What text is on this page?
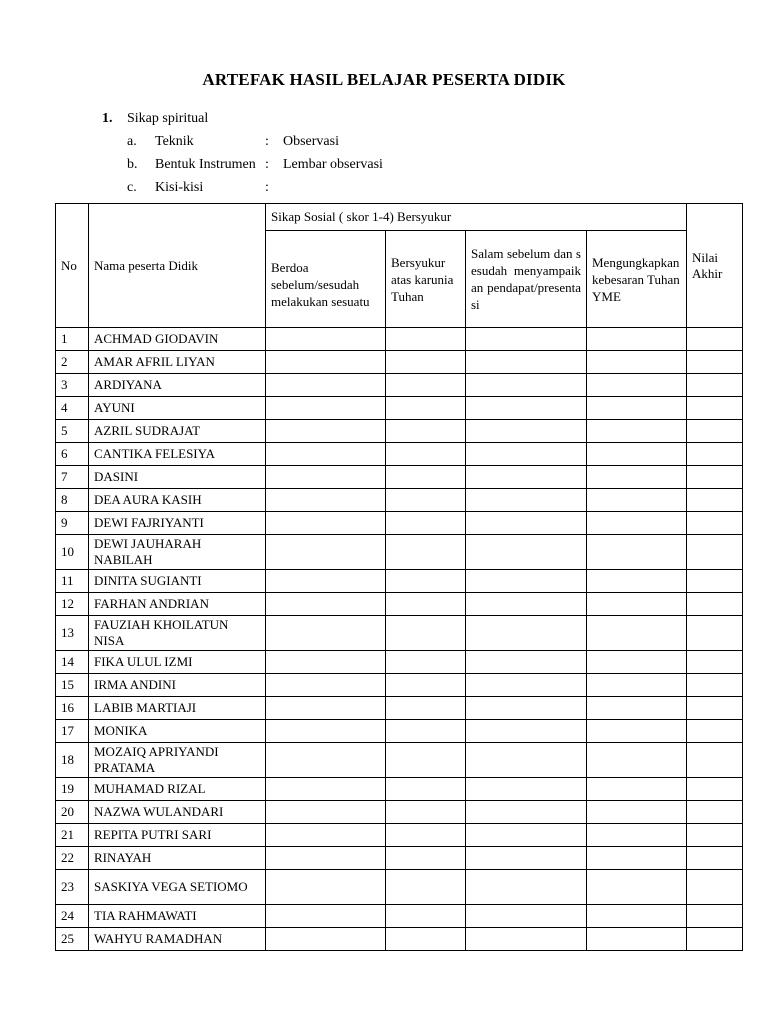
ARTEFAK HASIL BELAJAR PESERTA DIDIK
1. Sikap spiritual
a. Teknik	: Observasi
b. Bentuk Instrumen : Lembar observasi
c. Kisi-kisi	:
No	Nama peserta Didik	Sikap Sosial ( skor 1-4) Bersyukur				Nilai Akhir
		Berdoa sebelum/sesudah melakukan sesuatu	Bersyukur atas karunia Tuhan	Salam sebelum dan sesudah menyampaikan pendapat/presentasi	Mengungkapkan kebesaran Tuhan YME	
1	ACHMAD GIODAVIN					
2	AMAR AFRIL LIYAN					
3	ARDIYANA					
4	AYUNI					
5	AZRIL SUDRAJAT					
6	CANTIKA FELESIYA					
7	DASINI					
8	DEA AURA KASIH					
9	DEWI FAJRIYANTI					
10	DEWI JAUHARAH NABILAH					
11	DINITA SUGIANTI					
12	FARHAN ANDRIAN					
13	FAUZIAH KHOILATUN NISA					
14	FIKA ULUL IZMI					
15	IRMA ANDINI					
16	LABIB MARTIAJI					
17	MONIKA					
18	MOZAIQ APRIYANDI PRATAMA					
19	MUHAMAD RIZAL					
20	NAZWA WULANDARI					
21	REPITA PUTRI SARI					
22	RINAYAH					
23	SASKIYA VEGA SETIOMO					
24	TIA RAHMAWATI					
25	WAHYU RAMADHAN					
